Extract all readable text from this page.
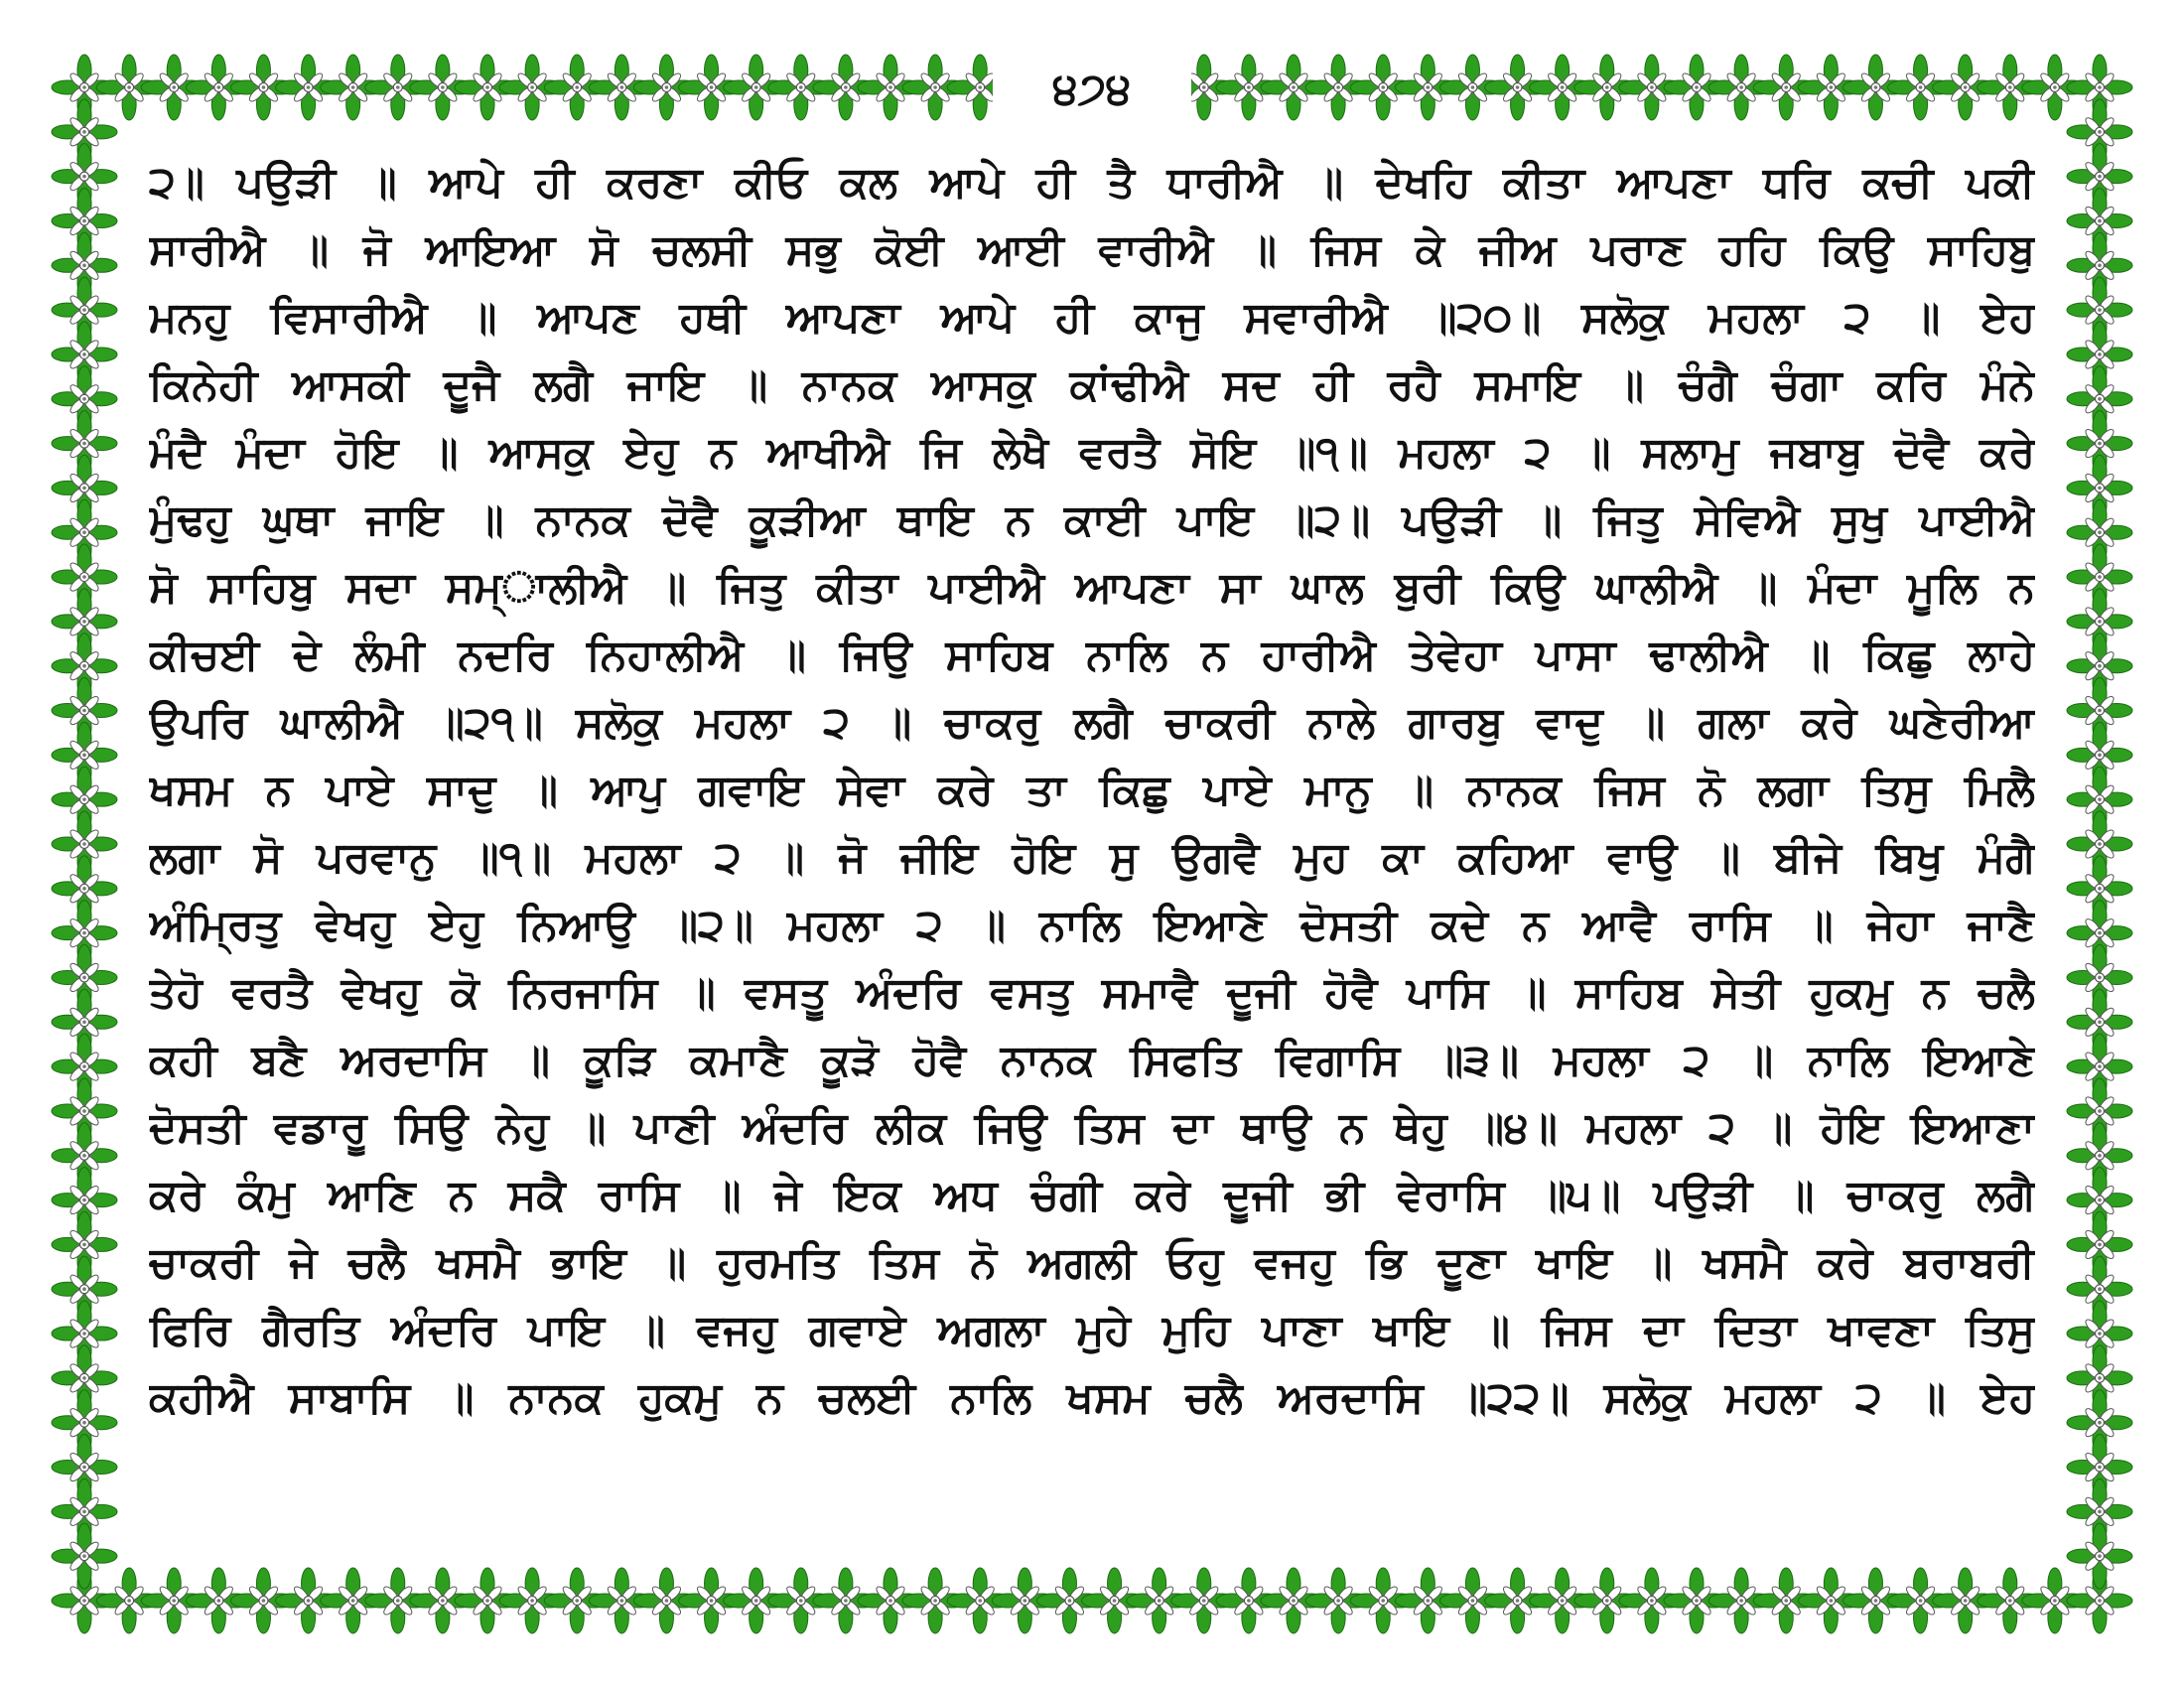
੪੭੪
੨॥ ਪਉੜੀ ॥ ਆਪੇ ਹੀ ਕਰਣਾ ਕੀਓ ਕਲ ਆਪੇ ਹੀ ਤੈ ਧਾਰੀਐ ॥ ਦੇਖਹਿ ਕੀਤਾ ਆਪਣਾ ਧਰਿ ਕਚੀ ਪਕੀ
ਸਾਰੀਐ ॥ ਜੋ ਆਇਆ ਸੋ ਚਲਸੀ ਸਭੁ ਕੋਈ ਆਈ ਵਾਰੀਐ ॥ ਜਿਸ ਕੇ ਜੀਅ ਪਰਾਣ ਹਹਿ ਕਿਉ ਸਾਹਿਬੁ
ਮਨਹੁ ਵਿਸਾਰੀਐ ॥ ਆਪਣ ਹਥੀ ਆਪਣਾ ਆਪੇ ਹੀ ਕਾਜੁ ਸਵਾਰੀਐ ॥੨੦॥ ਸਲੋਕੁ ਮਹਲਾ ੨ ॥ ਏਹ
ਕਿਨੇਹੀ ਆਸਕੀ ਦੂਜੈ ਲਗੈ ਜਾਇ ॥ ਨਾਨਕ ਆਸਕੁ ਕਾਂਢੀਐ ਸਦ ਹੀ ਰਹੈ ਸਮਾਇ ॥ ਚੰਗੈ ਚੰਗਾ ਕਰਿ ਮੰਨੇ
ਮੰਦੈ ਮੰਦਾ ਹੋਇ ॥ ਆਸਕੁ ਏਹੁ ਨ ਆਖੀਐ ਜਿ ਲੇਖੈ ਵਰਤੈ ਸੋਇ ॥੧॥ ਮਹਲਾ ੨ ॥ ਸਲਾਮੁ ਜਬਾਬੁ ਦੋਵੈ ਕਰੇ
ਮੁੰਢਹੁ ਘੁਥਾ ਜਾਇ ॥ ਨਾਨਕ ਦੋਵੈ ਕੂੜੀਆ ਥਾਇ ਨ ਕਾਈ ਪਾਇ ॥੨॥ ਪਉੜੀ ॥ ਜਿਤੁ ਸੇਵਿਐ ਸੁਖੁ ਪਾਈਐ
ਸੋ ਸਾਹਿਬੁ ਸਦਾ ਸਮ੍ਾਲੀਐ ॥ ਜਿਤੁ ਕੀਤਾ ਪਾਈਐ ਆਪਣਾ ਸਾ ਘਾਲ ਬੁਰੀ ਕਿਉ ਘਾਲੀਐ ॥ ਮੰਦਾ ਮੂਲਿ ਨ
ਕੀਚਈ ਦੇ ਲੰਮੀ ਨਦਰਿ ਨਿਹਾਲੀਐ ॥ ਜਿਉ ਸਾਹਿਬ ਨਾਲਿ ਨ ਹਾਰੀਐ ਤੇਵੇਹਾ ਪਾਸਾ ਢਾਲੀਐ ॥ ਕਿਛੁ ਲਾਹੇ
ਉਪਰਿ ਘਾਲੀਐ ॥੨੧॥ ਸਲੋਕੁ ਮਹਲਾ ੨ ॥ ਚਾਕਰੁ ਲਗੈ ਚਾਕਰੀ ਨਾਲੇ ਗਾਰਬੁ ਵਾਦੁ ॥ ਗਲਾ ਕਰੇ ਘਣੇਰੀਆ
ਖਸਮ ਨ ਪਾਏ ਸਾਦੁ ॥ ਆਪੁ ਗਵਾਇ ਸੇਵਾ ਕਰੇ ਤਾ ਕਿਛੁ ਪਾਏ ਮਾਨੁ ॥ ਨਾਨਕ ਜਿਸ ਨੋ ਲਗਾ ਤਿਸੁ ਮਿਲੈ
ਲਗਾ ਸੋ ਪਰਵਾਨੁ ॥੧॥ ਮਹਲਾ ੨ ॥ ਜੋ ਜੀਇ ਹੋਇ ਸੁ ਉਗਵੈ ਮੁਹ ਕਾ ਕਹਿਆ ਵਾਉ ॥ ਬੀਜੇ ਬਿਖੁ ਮੰਗੈ
ਅੰਮ੍ਰਿਤੁ ਵੇਖਹੁ ਏਹੁ ਨਿਆਉ ॥੨॥ ਮਹਲਾ ੨ ॥ ਨਾਲਿ ਇਆਣੇ ਦੋਸਤੀ ਕਦੇ ਨ ਆਵੈ ਰਾਸਿ ॥ ਜੇਹਾ ਜਾਣੈ
ਤੇਹੋ ਵਰਤੈ ਵੇਖਹੁ ਕੋ ਨਿਰਜਾਸਿ ॥ ਵਸਤੂ ਅੰਦਰਿ ਵਸਤੁ ਸਮਾਵੈ ਦੂਜੀ ਹੋਵੈ ਪਾਸਿ ॥ ਸਾਹਿਬ ਸੇਤੀ ਹੁਕਮੁ ਨ ਚਲੈ
ਕਹੀ ਬਣੈ ਅਰਦਾਸਿ ॥ ਕੂੜਿ ਕਮਾਣੈ ਕੂੜੋ ਹੋਵੈ ਨਾਨਕ ਸਿਫਤਿ ਵਿਗਾਸਿ ॥੩॥ ਮਹਲਾ ੨ ॥ ਨਾਲਿ ਇਆਣੇ
ਦੋਸਤੀ ਵਡਾਰੂ ਸਿਉ ਨੇਹੁ ॥ ਪਾਣੀ ਅੰਦਰਿ ਲੀਕ ਜਿਉ ਤਿਸ ਦਾ ਥਾਉ ਨ ਥੇਹੁ ॥੪॥ ਮਹਲਾ ੨ ॥ ਹੋਇ ਇਆਣਾ
ਕਰੇ ਕੰਮੁ ਆਣਿ ਨ ਸਕੈ ਰਾਸਿ ॥ ਜੇ ਇਕ ਅਧ ਚੰਗੀ ਕਰੇ ਦੂਜੀ ਭੀ ਵੇਰਾਸਿ ॥੫॥ ਪਉੜੀ ॥ ਚਾਕਰੁ ਲਗੈ
ਚਾਕਰੀ ਜੇ ਚਲੈ ਖਸਮੈ ਭਾਇ ॥ ਹੁਰਮਤਿ ਤਿਸ ਨੋ ਅਗਲੀ ਓਹੁ ਵਜਹੁ ਭਿ ਦੂਣਾ ਖਾਇ ॥ ਖਸਮੈ ਕਰੇ ਬਰਾਬਰੀ
ਫਿਰਿ ਗੈਰਤਿ ਅੰਦਰਿ ਪਾਇ ॥ ਵਜਹੁ ਗਵਾਏ ਅਗਲਾ ਮੁਹੇ ਮੁਹਿ ਪਾਣਾ ਖਾਇ ॥ ਜਿਸ ਦਾ ਦਿਤਾ ਖਾਵਣਾ ਤਿਸੁ
ਕਹੀਐ ਸਾਬਾਸਿ ॥ ਨਾਨਕ ਹੁਕਮੁ ਨ ਚਲਈ ਨਾਲਿ ਖਸਮ ਚਲੈ ਅਰਦਾਸਿ ॥੨੨॥ ਸਲੋਕੁ ਮਹਲਾ ੨ ॥ ਏਹ
